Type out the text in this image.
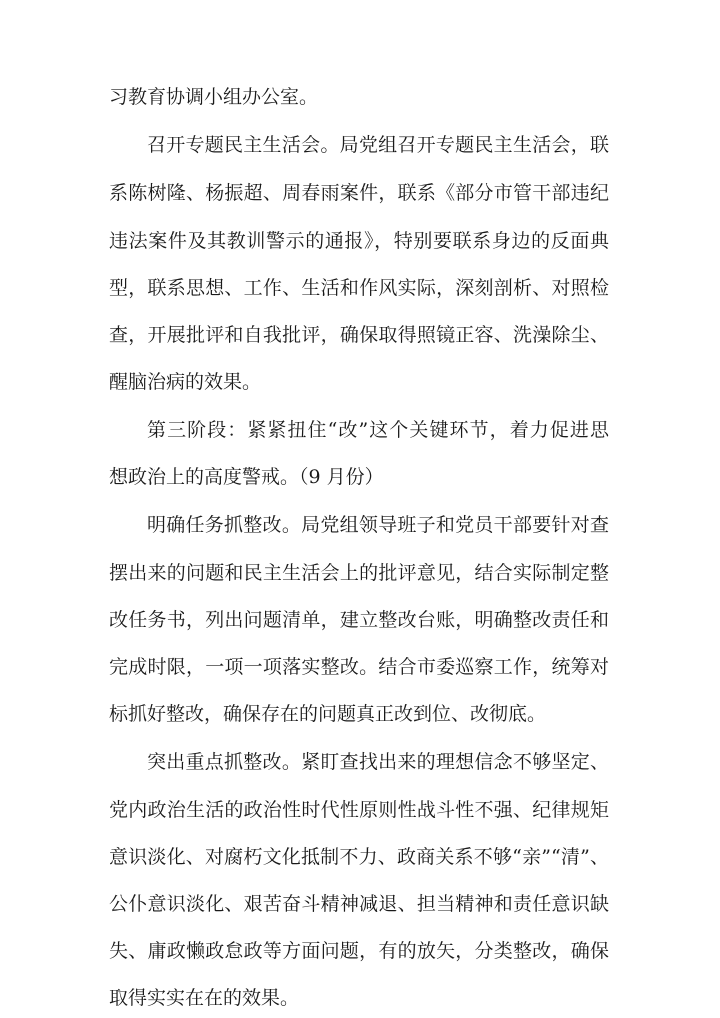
习教育协调小组办公室。
召开专题民主生活会。局党组召开专题民主生活会，联
系陈树隆、杨振超、周春雨案件，联系《部分市管干部违纪
违法案件及其教训警示的通报》，特别要联系身边的反面典
型，联系思想、工作、生活和作风实际，深刻剖析、对照检
查，开展批评和自我批评，确保取得照镜正容、洗澡除尘、
醒脑治病的效果。
第三阶段：紧紧扭住“改”这个关键环节，着力促进思
想政治上的高度警戒。（9 月份）
明确任务抓整改。局党组领导班子和党员干部要针对查
摆出来的问题和民主生活会上的批评意见，结合实际制定整
改任务书，列出问题清单，建立整改台账，明确整改责任和
完成时限，一项一项落实整改。结合市委巡察工作，统筹对
标抓好整改，确保存在的问题真正改到位、改彻底。
突出重点抓整改。紧盯查找出来的理想信念不够坚定、
党内政治生活的政治性时代性原则性战斗性不强、纪律规矩
意识淡化、对腐朽文化抵制不力、政商关系不够“亲”“清”、
公仆意识淡化、艰苦奋斗精神减退、担当精神和责任意识缺
失、庸政懒政怠政等方面问题，有的放矢，分类整改，确保
取得实实在在的效果。
